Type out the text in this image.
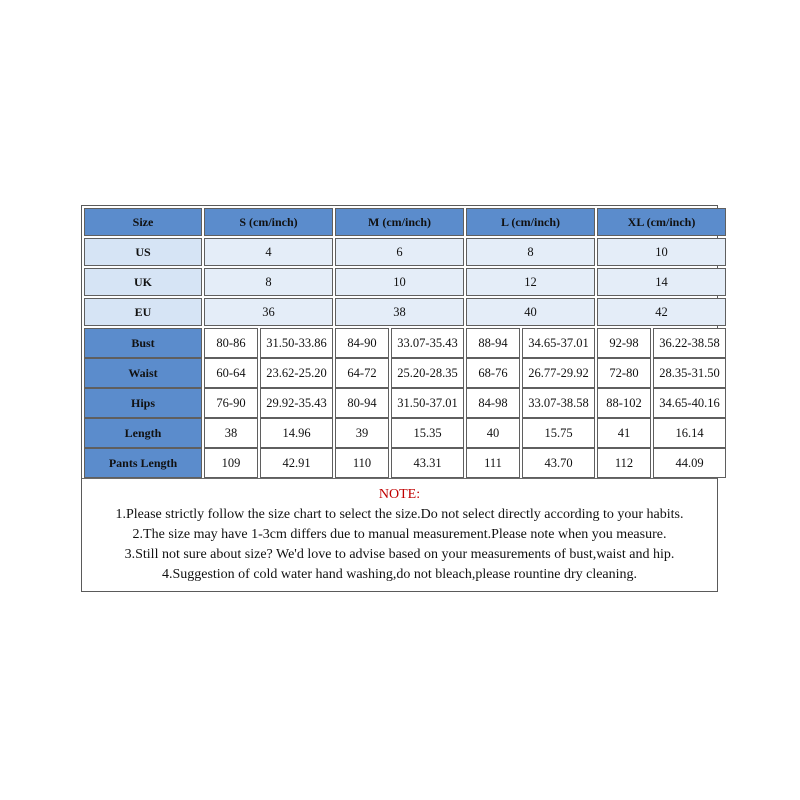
Size	S (cm/inch)	M (cm/inch)	L (cm/inch)	XL (cm/inch)
US	4	6	8	10
UK	8	10	12	14
EU	36	38	40	42
Bust	80-86	31.50-33.86	84-90	33.07-35.43	88-94	34.65-37.01	92-98	36.22-38.58
Waist	60-64	23.62-25.20	64-72	25.20-28.35	68-76	26.77-29.92	72-80	28.35-31.50
Hips	76-90	29.92-35.43	80-94	31.50-37.01	84-98	33.07-38.58	88-102	34.65-40.16
Length	38	14.96	39	15.35	40	15.75	41	16.14
Pants Length	109	42.91	110	43.31	111	43.70	112	44.09
NOTE:
1.Please strictly follow the size chart to select the size.Do not select directly according to your habits.
2.The size may have 1-3cm differs due to manual measurement.Please note when you measure.
3.Still not sure about size? We'd love to advise based on your measurements of bust,waist and hip.
4.Suggestion of cold water hand washing,do not bleach,please rountine dry cleaning.
